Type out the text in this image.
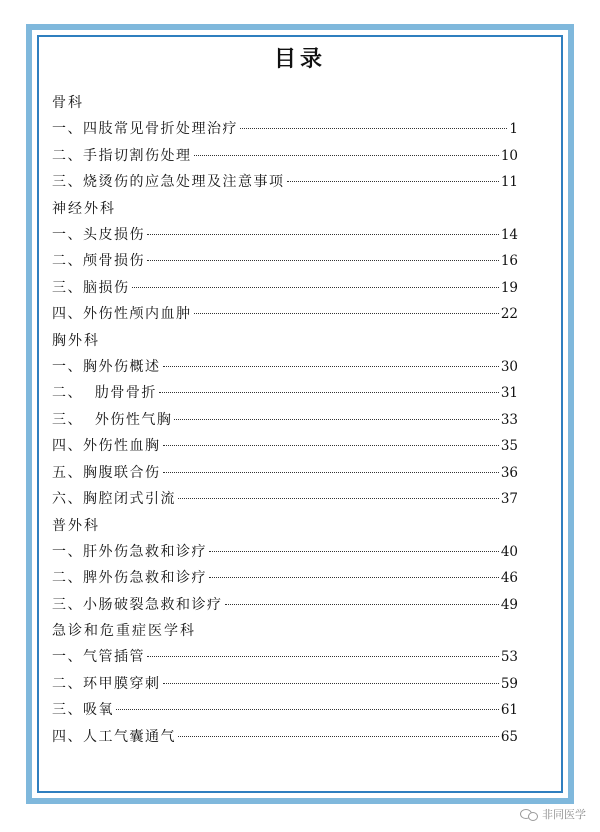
目录
骨科
一、四肢常见骨折处理治疗	1
二、手指切割伤处理	10
三、烧烫伤的应急处理及注意事项	11
神经外科
一、头皮损伤	14
二、颅骨损伤	16
三、脑损伤	19
四、外伤性颅内血肿	22
胸外科
一、胸外伤概述	30
二、  肋骨骨折	31
三、  外伤性气胸	33
四、外伤性血胸	35
五、胸腹联合伤	36
六、胸腔闭式引流	37
普外科
一、肝外伤急救和诊疗	40
二、脾外伤急救和诊疗	46
三、小肠破裂急救和诊疗	49
急诊和危重症医学科
一、气管插管	53
二、环甲膜穿刺	59
三、吸氧	61
四、人工气囊通气	65
非同医学
